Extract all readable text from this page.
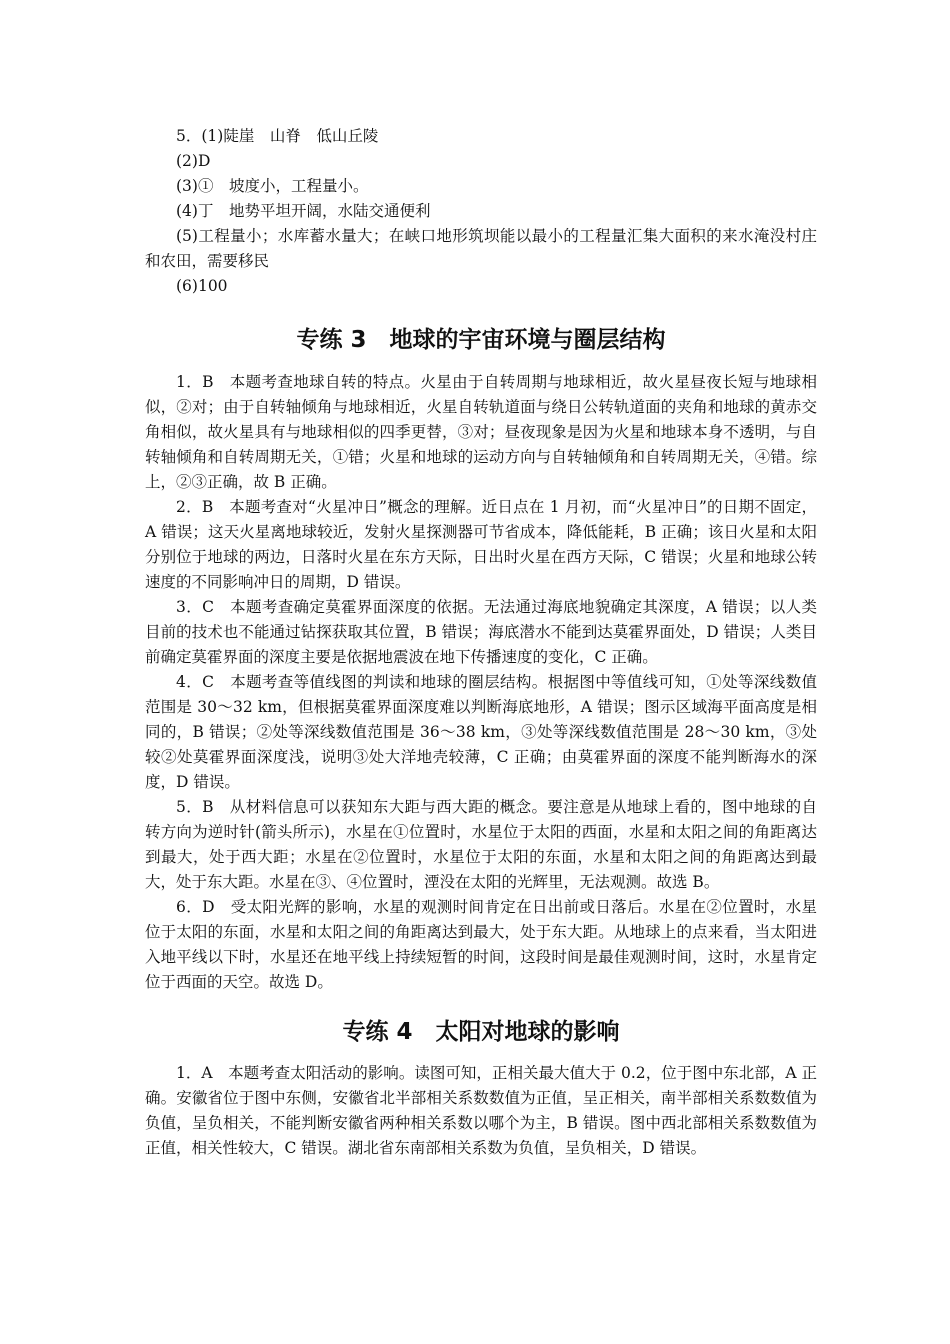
5．(1)陡崖　山脊　低山丘陵

(2)D

(3)①　坡度小，工程量小。

(4)丁　地势平坦开阔，水陆交通便利

(5)工程量小；水库蓄水量大；在峡口地形筑坝能以最小的工程量汇集大面积的来水淹没村庄和农田，需要移民

(6)100

专练 3　地球的宇宙环境与圈层结构

1．B　本题考查地球自转的特点。火星由于自转周期与地球相近，故火星昼夜长短与地球相似，②对；由于自转轴倾角与地球相近，火星自转轨道面与绕日公转轨道面的夹角和地球的黄赤交角相似，故火星具有与地球相似的四季更替，③对；昼夜现象是因为火星和地球本身不透明，与自转轴倾角和自转周期无关，①错；火星和地球的运动方向与自转轴倾角和自转周期无关，④错。综上，②③正确，故 B 正确。

2．B　本题考查对“火星冲日”概念的理解。近日点在 1 月初，而“火星冲日”的日期不固定，A 错误；这天火星离地球较近，发射火星探测器可节省成本，降低能耗，B 正确；该日火星和太阳分别位于地球的两边，日落时火星在东方天际，日出时火星在西方天际，C 错误；火星和地球公转速度的不同影响冲日的周期，D 错误。

3．C　本题考查确定莫霍界面深度的依据。无法通过海底地貌确定其深度，A 错误；以人类目前的技术也不能通过钻探获取其位置，B 错误；海底潜水不能到达莫霍界面处，D 错误；人类目前确定莫霍界面的深度主要是依据地震波在地下传播速度的变化，C 正确。

4．C　本题考查等值线图的判读和地球的圈层结构。根据图中等值线可知，①处等深线数值范围是 30～32 km，但根据莫霍界面深度难以判断海底地形，A 错误；图示区域海平面高度是相同的，B 错误；②处等深线数值范围是 36～38 km，③处等深线数值范围是 28～30 km，③处较②处莫霍界面深度浅，说明③处大洋地壳较薄，C 正确；由莫霍界面的深度不能判断海水的深度，D 错误。

5．B　从材料信息可以获知东大距与西大距的概念。要注意是从地球上看的，图中地球的自转方向为逆时针(箭头所示)，水星在①位置时，水星位于太阳的西面，水星和太阳之间的角距离达到最大，处于西大距；水星在②位置时，水星位于太阳的东面，水星和太阳之间的角距离达到最大，处于东大距。水星在③、④位置时，湮没在太阳的光辉里，无法观测。故选 B。

6．D　受太阳光辉的影响，水星的观测时间肯定在日出前或日落后。水星在②位置时，水星位于太阳的东面，水星和太阳之间的角距离达到最大，处于东大距。从地球上的点来看，当太阳进入地平线以下时，水星还在地平线上持续短暂的时间，这段时间是最佳观测时间，这时，水星肯定位于西面的天空。故选 D。

专练 4　太阳对地球的影响

1．A　本题考查太阳活动的影响。读图可知，正相关最大值大于 0.2，位于图中东北部，A 正确。安徽省位于图中东侧，安徽省北半部相关系数数值为正值，呈正相关，南半部相关系数数值为负值，呈负相关，不能判断安徽省两种相关系数以哪个为主，B 错误。图中西北部相关系数数值为正值，相关性较大，C 错误。湖北省东南部相关系数为负值，呈负相关，D 错误。
